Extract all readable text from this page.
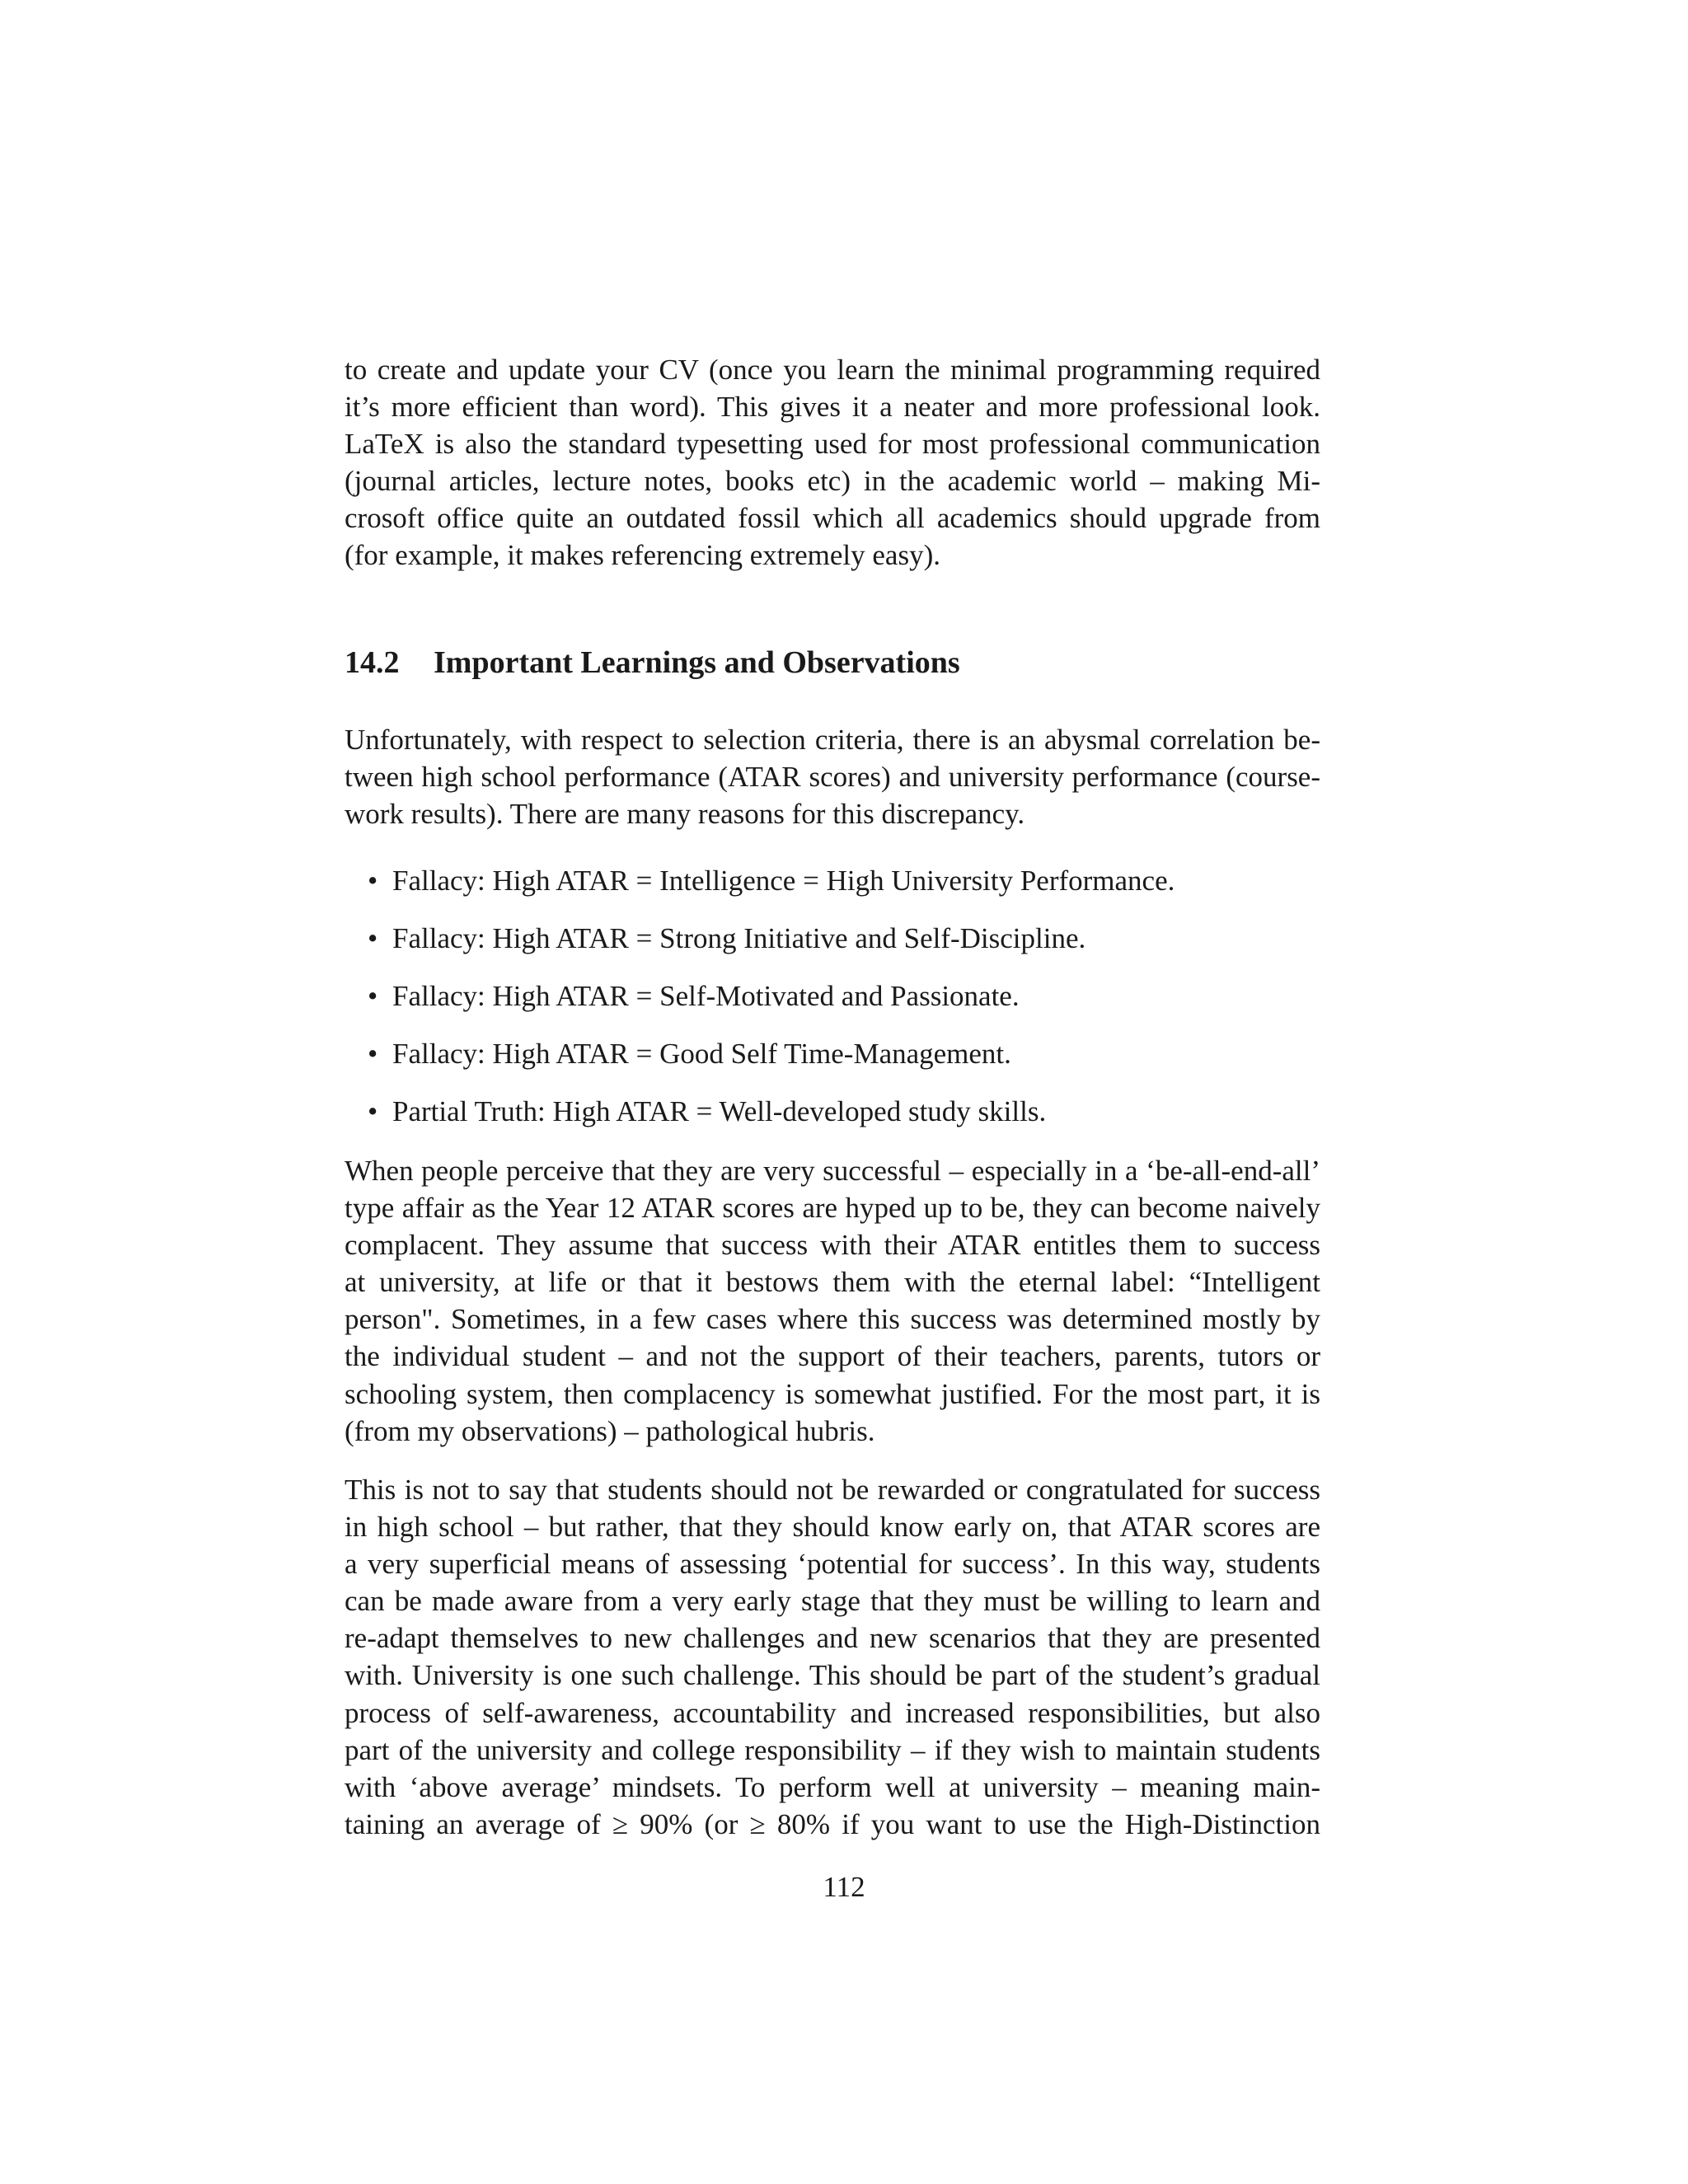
to create and update your CV (once you learn the minimal programming required
it’s more efficient than word). This gives it a neater and more professional look.
LaTeX is also the standard typesetting used for most professional communication
(journal articles, lecture notes, books etc) in the academic world – making Mi-
crosoft office quite an outdated fossil which all academics should upgrade from
(for example, it makes referencing extremely easy).

14.2 Important Learnings and Observations

Unfortunately, with respect to selection criteria, there is an abysmal correlation be-
tween high school performance (ATAR scores) and university performance (course-
work results). There are many reasons for this discrepancy.

• Fallacy: High ATAR = Intelligence = High University Performance.
• Fallacy: High ATAR = Strong Initiative and Self-Discipline.
• Fallacy: High ATAR = Self-Motivated and Passionate.
• Fallacy: High ATAR = Good Self Time-Management.
• Partial Truth: High ATAR = Well-developed study skills.

When people perceive that they are very successful – especially in a ‘be-all-end-all’
type affair as the Year 12 ATAR scores are hyped up to be, they can become naively
complacent. They assume that success with their ATAR entitles them to success
at university, at life or that it bestows them with the eternal label: “Intelligent
person". Sometimes, in a few cases where this success was determined mostly by
the individual student – and not the support of their teachers, parents, tutors or
schooling system, then complacency is somewhat justified. For the most part, it is
(from my observations) – pathological hubris.

This is not to say that students should not be rewarded or congratulated for success
in high school – but rather, that they should know early on, that ATAR scores are
a very superficial means of assessing ‘potential for success’. In this way, students
can be made aware from a very early stage that they must be willing to learn and
re-adapt themselves to new challenges and new scenarios that they are presented
with. University is one such challenge. This should be part of the student’s gradual
process of self-awareness, accountability and increased responsibilities, but also
part of the university and college responsibility – if they wish to maintain students
with ‘above average’ mindsets. To perform well at university – meaning main-
taining an average of ≥ 90% (or ≥ 80% if you want to use the High-Distinction

112
